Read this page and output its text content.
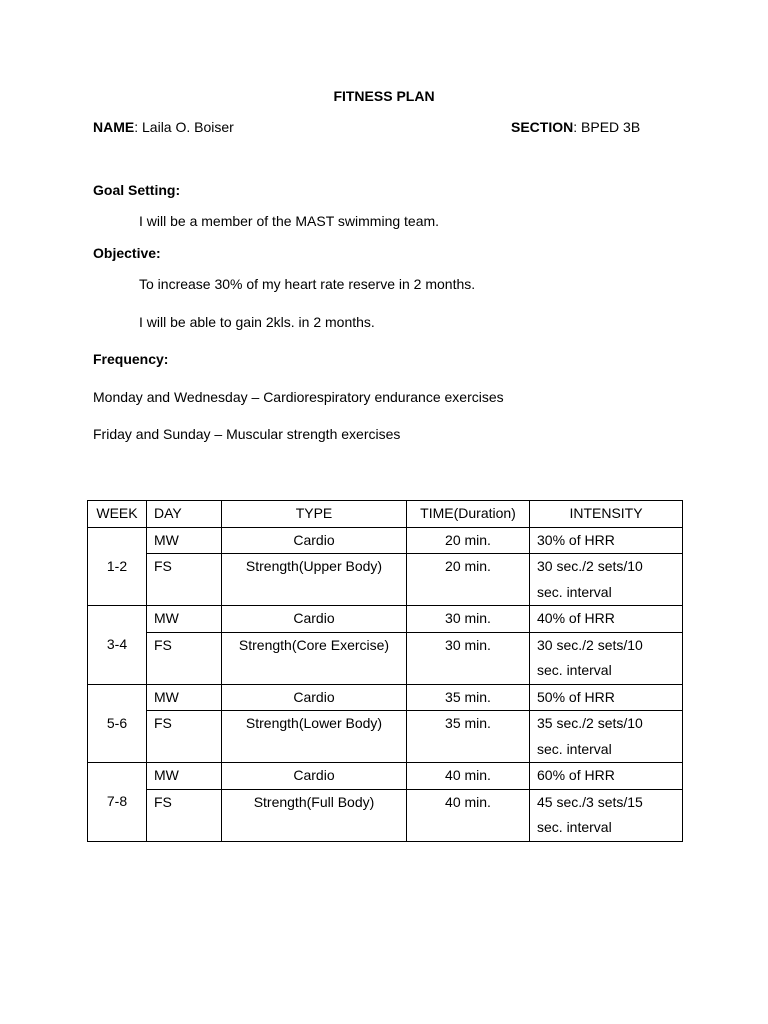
FITNESS PLAN
NAME: Laila O. Boiser	SECTION: BPED 3B
Goal Setting:
I will be a member of the MAST swimming team.
Objective:
To increase 30% of my heart rate reserve in 2 months.
I will be able to gain 2kls. in 2 months.
Frequency:
Monday and Wednesday – Cardiorespiratory endurance exercises
Friday and Sunday – Muscular strength exercises
WEEK	DAY	TYPE	TIME(Duration)	INTENSITY
1-2	MW	Cardio	20 min.	30% of HRR
	FS	Strength(Upper Body)	20 min.	30 sec./2 sets/10
sec. interval

3-4	MW	Cardio	30 min.	40% of HRR
	FS	Strength(Core Exercise)	30 min.	30 sec./2 sets/10
sec. interval

5-6	MW	Cardio	35 min.	50% of HRR
	FS	Strength(Lower Body)	35 min.	35 sec./2 sets/10
sec. interval

7-8	MW	Cardio	40 min.	60% of HRR
	FS	Strength(Full Body)	40 min.	45 sec./3 sets/15
sec. interval
